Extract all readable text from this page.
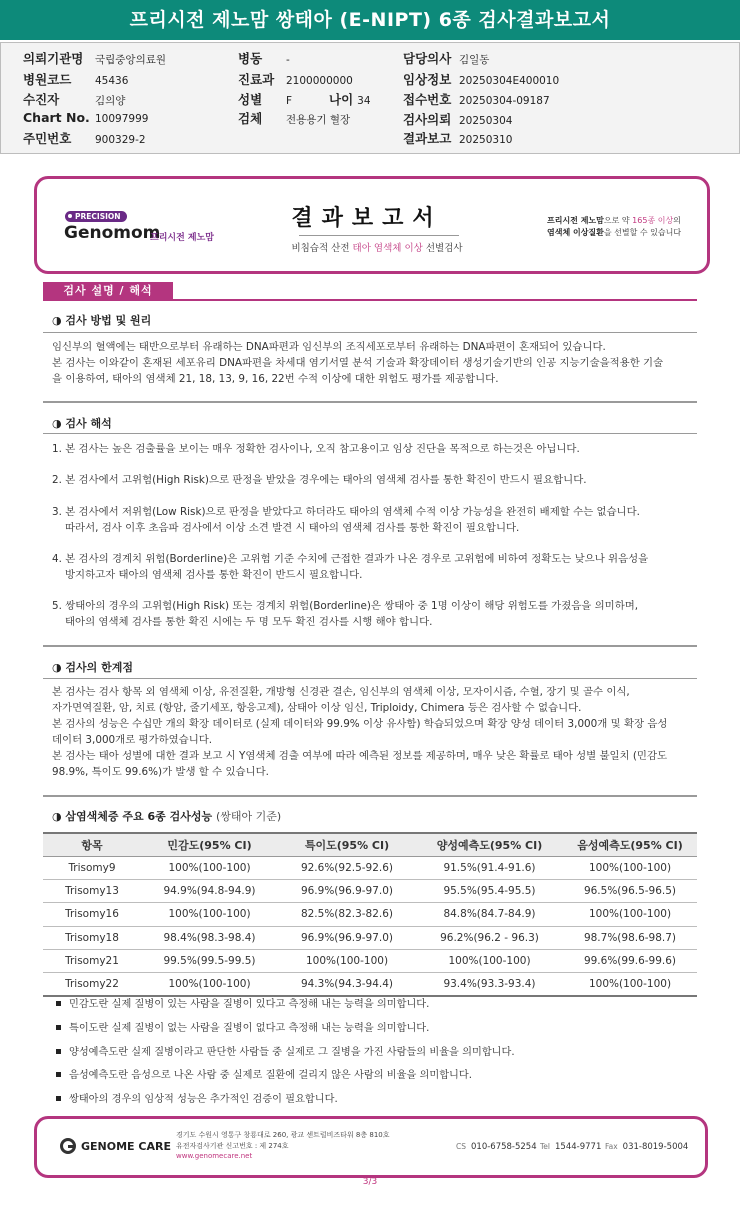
프리시전 제노맘 쌍태아 (E-NIPT) 6종 검사결과보고서
의뢰기관명 국립중앙의료원
병원코드 45436
수진자	김의양
Chart No. 10097999
주민번호 900329-2
병동 -
진료과 2100000000
성별 F	나이 34
검체 전용용기 혈장
담당의사 김일동
임상정보 20250304E400010
접수번호 20250304-09187
검사의뢰 20250304
결과보고 20250310
PRECISION
Genomom
프리시전 제노맘
결과보고서
비침습적 산전 태아 염색체 이상 선별검사
프리시전 제노맘으로 약 165종 이상의
염색체 이상질환을 선별할 수 있습니다
검사 설명 / 해석
◑ 검사 방법 및 원리
임신부의 혈액에는 태반으로부터 유래하는 DNA파편과 임신부의 조직세포로부터 유래하는 DNA파편이 혼재되어 있습니다.
본 검사는 이와같이 혼재된 세포유리 DNA파편을 차세대 염기서열 분석 기술과 확장데이터 생성기술기반의 인공 지능기술을적용한 기술
을 이용하여, 태아의 염색체 21, 18, 13, 9, 16, 22번 수적 이상에 대한 위험도 평가를 제공합니다.
◑ 검사 해석
1. 본 검사는 높은 검출률을 보이는 매우 정확한 검사이나, 오직 참고용이고 임상 진단을 목적으로 하는것은 아닙니다.
2. 본 검사에서 고위험(High Risk)으로 판정을 받았을 경우에는 태아의 염색체 검사를 통한 확진이 반드시 필요합니다.
3. 본 검사에서 저위험(Low Risk)으로 판정을 받았다고 하더라도 태아의 염색체 수적 이상 가능성을 완전히 배제할 수는 없습니다.
따라서, 검사 이후 초음파 검사에서 이상 소견 발견 시 태아의 염색체 검사를 통한 확진이 필요합니다.
4. 본 검사의 경계치 위험(Borderline)은 고위험 기준 수치에 근접한 결과가 나온 경우로 고위험에 비하여 정확도는 낮으나 위음성을
방지하고자 태아의 염색체 검사를 통한 확진이 반드시 필요합니다.
5. 쌍태아의 경우의 고위험(High Risk) 또는 경계치 위험(Borderline)은 쌍태아 중 1명 이상이 해당 위험도를 가졌음을 의미하며,
태아의 염색체 검사를 통한 확진 시에는 두 명 모두 확진 검사를 시행 해야 합니다.
◑ 검사의 한계점
본 검사는 검사 항목 외 염색체 이상, 유전질환, 개방형 신경관 결손, 임신부의 염색체 이상, 모자이시즘, 수혈, 장기 및 골수 이식,
자가면역질환, 암, 치료 (항암, 줄기세포, 항응고제), 삼태아 이상 임신, Triploidy, Chimera 등은 검사할 수 없습니다.
본 검사의 성능은 수십만 개의 확장 데이터로 (실제 데이터와 99.9% 이상 유사함) 학습되었으며 확장 양성 데이터 3,000개 및 확장 음성
데이터 3,000개로 평가하였습니다.
본 검사는 태아 성별에 대한 결과 보고 시 Y염색체 검출 여부에 따라 예측된 정보를 제공하며, 매우 낮은 확률로 태아 성별 불일치 (민감도
98.9%, 특이도 99.6%)가 발생 할 수 있습니다.
◑ 삼염색체증 주요 6종 검사성능 (쌍태아 기준)
항목	민감도(95% CI)	특이도(95% CI)	양성예측도(95% CI)	음성예측도(95% CI)
Trisomy9	100%(100-100)	92.6%(92.5-92.6)	91.5%(91.4-91.6)	100%(100-100)
Trisomy13	94.9%(94.8-94.9)	96.9%(96.9-97.0)	95.5%(95.4-95.5)	96.5%(96.5-96.5)
Trisomy16	100%(100-100)	82.5%(82.3-82.6)	84.8%(84.7-84.9)	100%(100-100)
Trisomy18	98.4%(98.3-98.4)	96.9%(96.9-97.0)	96.2%(96.2 - 96.3)	98.7%(98.6-98.7)
Trisomy21	99.5%(99.5-99.5)	100%(100-100)	100%(100-100)	99.6%(99.6-99.6)
Trisomy22	100%(100-100)	94.3%(94.3-94.4)	93.4%(93.3-93.4)	100%(100-100)
민감도란 실제 질병이 있는 사람을 질병이 있다고 측정해 내는 능력을 의미합니다.
특이도란 실제 질병이 없는 사람을 질병이 없다고 측정해 내는 능력을 의미합니다.
양성예측도란 실제 질병이라고 판단한 사람들 중 실제로 그 질병을 가진 사람들의 비율을 의미합니다.
음성예측도란 음성으로 나온 사람 중 실제로 질환에 걸리지 않은 사람의 비율을 의미합니다.
쌍태아의 경우의 임상적 성능은 추가적인 검증이 필요합니다.
GENOME CARE
경기도 수원시 영통구 창룡대로 260, 광교 센트럴비즈타워 8층 810호
유전자검사기관 신고번호 : 제 274호
www.genomecare.net
CS 010-6758-5254 Tel 1544-9771 Fax 031-8019-5004
3/3
